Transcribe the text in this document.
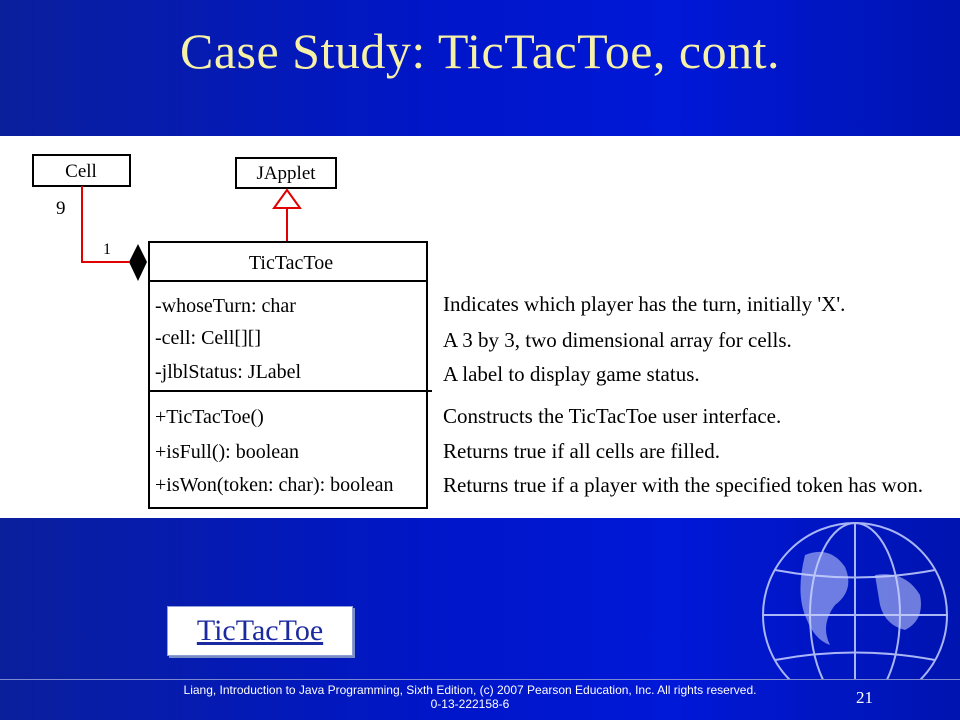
Case Study: TicTacToe, cont.
Cell	JApplet
9
1
TicTacToe
-whoseTurn: char
-cell: Cell[][]
-jlblStatus: JLabel
+TicTacToe()
+isFull(): boolean
+isWon(token: char): boolean
Indicates which player has the turn, initially 'X'.
A 3 by 3, two dimensional array for cells.
A label to display game status.
Constructs the TicTacToe user interface.
Returns true if all cells are filled.
Returns true if a player with the specified token has won.
TicTacToe
Liang, Introduction to Java Programming, Sixth Edition, (c) 2007 Pearson Education, Inc. All rights reserved. 0-13-222158-6	21
